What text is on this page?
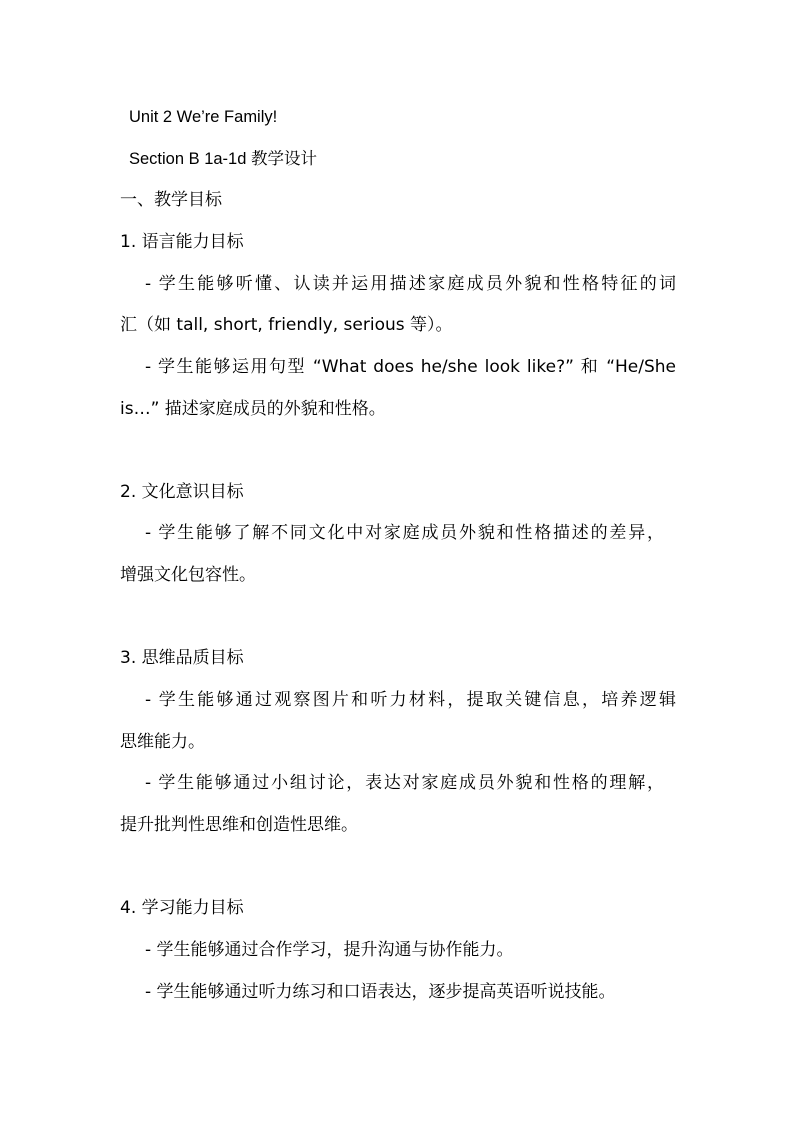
Unit 2 We’re Family!
Section B 1a-1d 教学设计
一、教学目标
1. 语言能力目标
- 学生能够听懂、认读并运用描述家庭成员外貌和性格特征的词
汇（如 tall, short, friendly, serious 等）。
- 学生能够运用句型 “What does he/she look like?” 和 “He/She
is…” 描述家庭成员的外貌和性格。
2. 文化意识目标
- 学生能够了解不同文化中对家庭成员外貌和性格描述的差异，
增强文化包容性。
3. 思维品质目标
- 学生能够通过观察图片和听力材料，提取关键信息，培养逻辑
思维能力。
- 学生能够通过小组讨论，表达对家庭成员外貌和性格的理解，
提升批判性思维和创造性思维。
4. 学习能力目标
- 学生能够通过合作学习，提升沟通与协作能力。
- 学生能够通过听力练习和口语表达，逐步提高英语听说技能。
